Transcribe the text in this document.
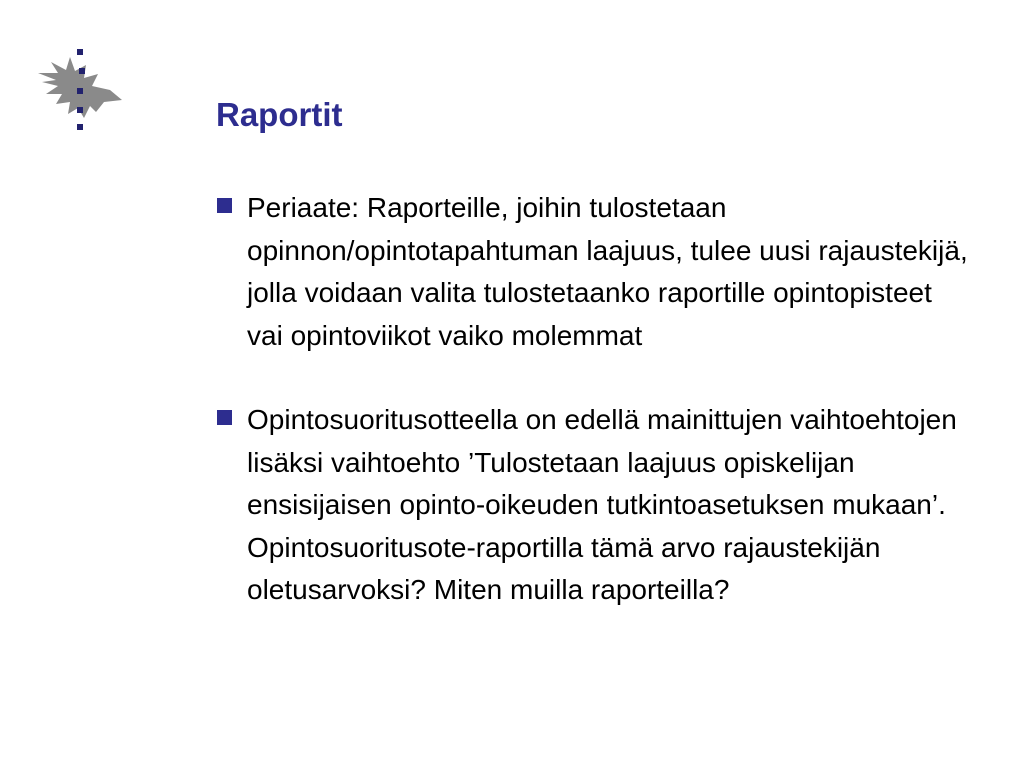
Raportit
Periaate: Raporteille, joihin tulostetaan
opinnon/opintotapahtuman laajuus, tulee uusi rajaustekijä,
jolla voidaan valita tulostetaanko raportille opintopisteet
vai opintoviikot vaiko molemmat
Opintosuoritusotteella on edellä mainittujen vaihtoehtojen
lisäksi vaihtoehto ’Tulostetaan laajuus opiskelijan
ensisijaisen opinto-oikeuden tutkintoasetuksen mukaan’.
Opintosuoritusote-raportilla tämä arvo rajaustekijän
oletusarvoksi? Miten muilla raporteilla?
